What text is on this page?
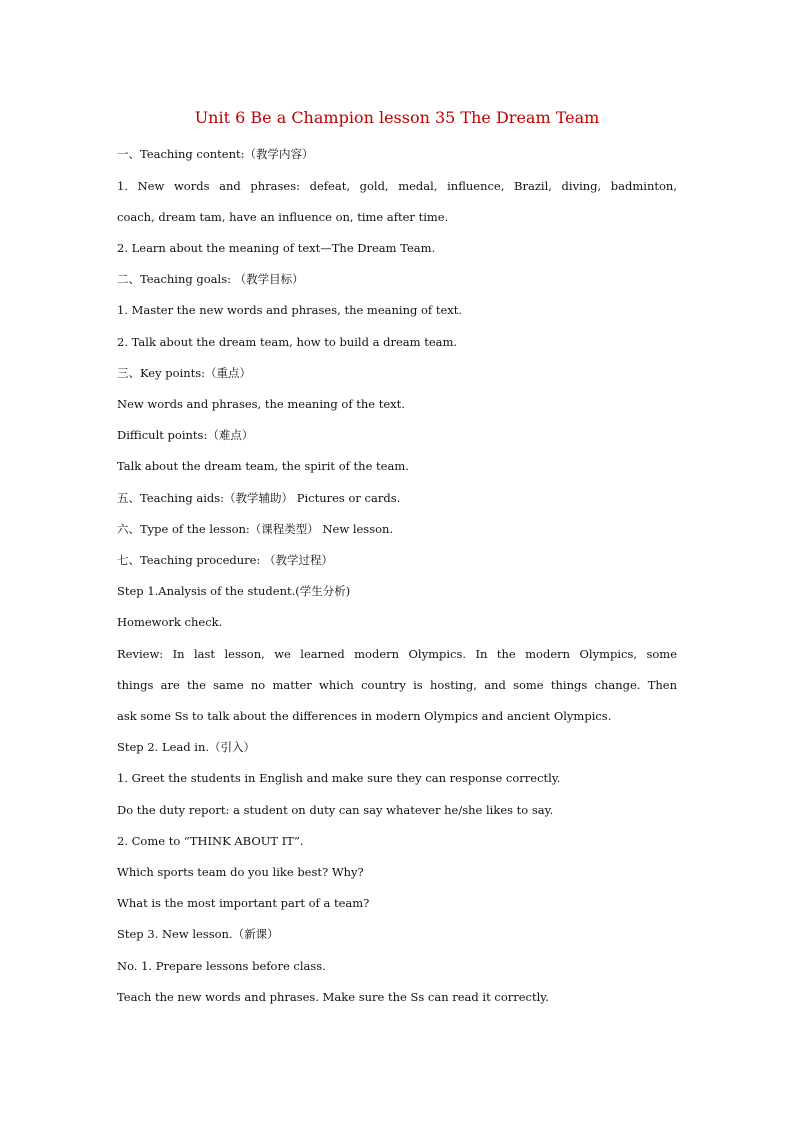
Unit 6 Be a Champion lesson 35 The Dream Team
一、Teaching content:（教学内容）
1. New words and phrases: defeat, gold, medal, influence, Brazil, diving, badminton,
coach, dream tam, have an influence on, time after time.
2. Learn about the meaning of text—The Dream Team.
二、Teaching goals: （教学目标）
1. Master the new words and phrases, the meaning of text.
2. Talk about the dream team, how to build a dream team.
三、Key points:（重点）
New words and phrases, the meaning of the text.
Difficult points:（难点）
Talk about the dream team, the spirit of the team.
五、Teaching aids:（教学辅助） Pictures or cards.
六、Type of the lesson:（课程类型） New lesson.
七、Teaching procedure: （教学过程）
Step 1.Analysis of the student.(学生分析)
Homework check.
Review: In last lesson, we learned modern Olympics. In the modern Olympics, some
things are the same no matter which country is hosting, and some things change. Then
ask some Ss to talk about the differences in modern Olympics and ancient Olympics.
Step 2. Lead in.（引入）
1. Greet the students in English and make sure they can response correctly.
Do the duty report: a student on duty can say whatever he/she likes to say.
2. Come to “THINK ABOUT IT”.
Which sports team do you like best? Why?
What is the most important part of a team?
Step 3. New lesson.（新课）
No. 1. Prepare lessons before class.
Teach the new words and phrases. Make sure the Ss can read it correctly.
